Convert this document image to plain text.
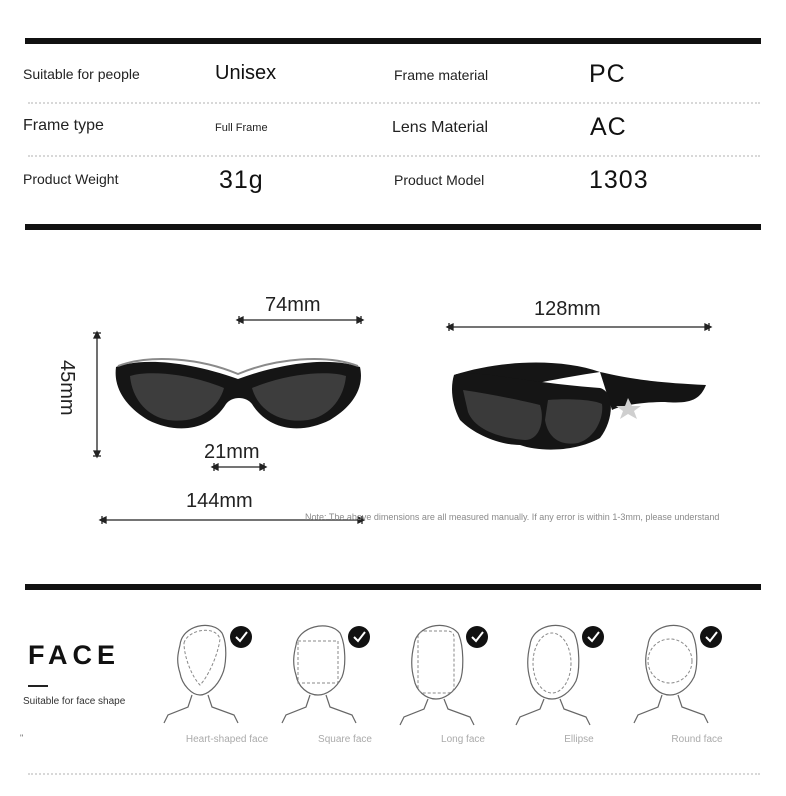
Suitable for people	Unisex	Frame material	PC
Frame type	Full Frame	Lens Material	AC
Product Weight	31g	Product Model	1303
74mm	128mm
45mm
21mm
144mm
Note: The above dimensions are all measured manually. If any error is within 1-3mm, please understand
FACE
Suitable for face shape
"	Heart-shaped face	Square face	Long face	Ellipse	Round face
